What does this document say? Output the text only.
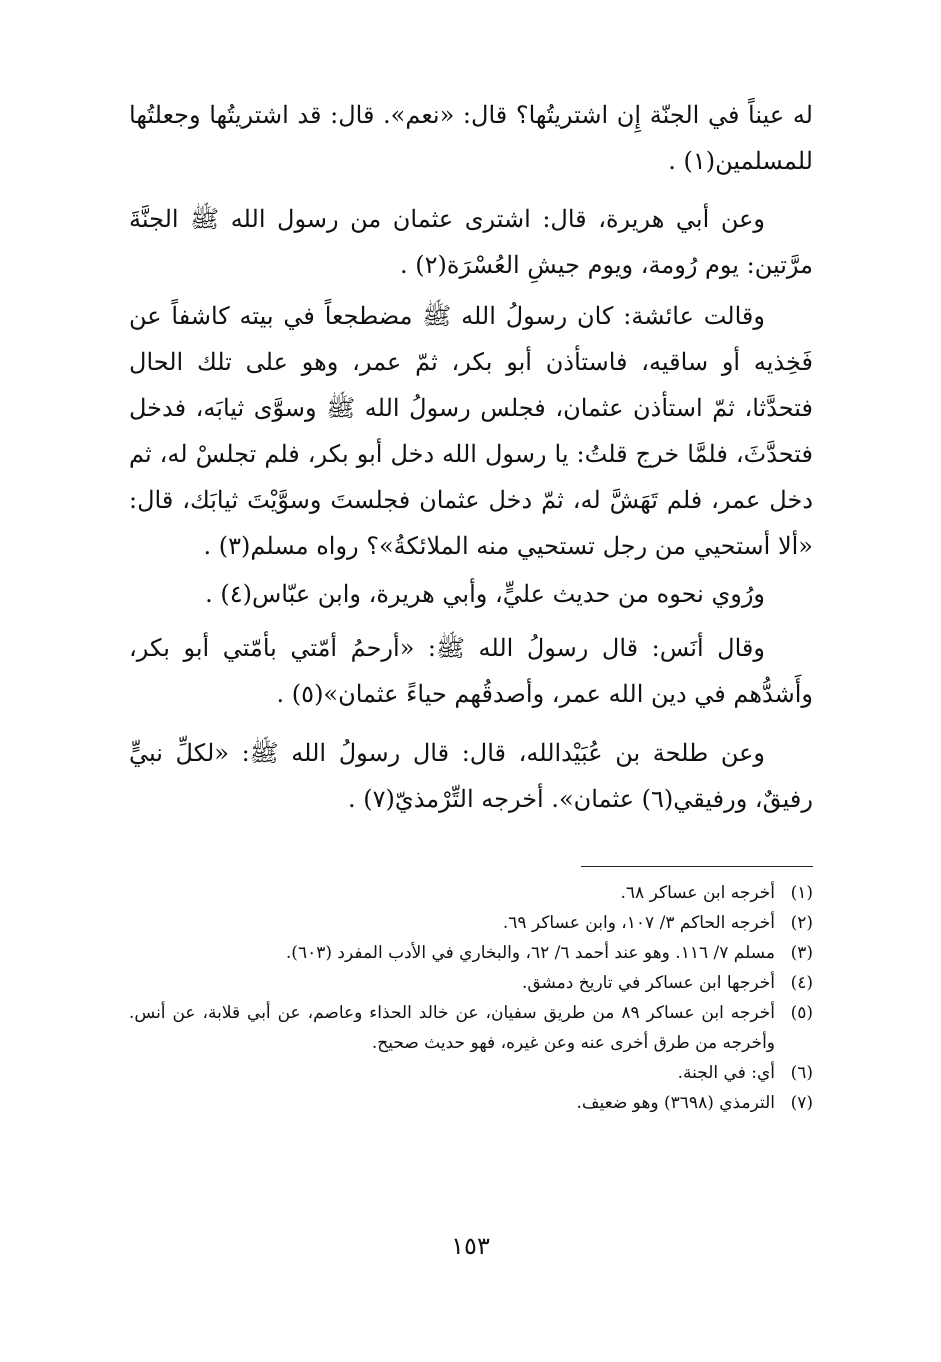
له عيناً في الجنّة إِن اشتريتُها؟ قال: «نعم». قال: قد اشتريتُها وجعلتُها للمسلمين(١) .

وعن أبي هريرة، قال: اشترى عثمان من رسول الله ﷺ الجنَّةَ مرَّتين: يوم رُومة، ويوم جيشِ العُسْرَة(٢) .

وقالت عائشة: كان رسولُ الله ﷺ مضطجعاً في بيته كاشفاً عن فَخِذيه أو ساقيه، فاستأذن أبو بكر، ثمّ عمر، وهو على تلك الحال فتحدَّثا، ثمّ استأذن عثمان، فجلس رسولُ الله ﷺ وسوَّى ثيابَه، فدخل فتحدَّثَ، فلمَّا خرج قلتُ: يا رسول الله دخل أبو بكر، فلم تجلسْ له، ثم دخل عمر، فلم تَهَشَّ له، ثمّ دخل عثمان فجلستَ وسوَّيْتَ ثيابَك، قال: «ألا أستحيي من رجل تستحيي منه الملائكةُ»؟ رواه مسلم(٣) .

ورُوي نحوه من حديث عليٍّ، وأبي هريرة، وابن عبّاس(٤) .

وقال أنَس: قال رسولُ الله ﷺ: «أرحمُ أمّتي بأمّتي أبو بكر، وأَشدُّهم في دين الله عمر، وأصدقُهم حياءً عثمان»(٥) .

وعن طلحة بن عُبَيْدالله، قال: قال رسولُ الله ﷺ: «لكلِّ نبيٍّ رفيقٌ، ورفيقي(٦) عثمان». أخرجه التِّرْمذيّ(٧) .

(١)
أخرجه ابن عساكر ٦٨.
(٢)
أخرجه الحاكم ٣/ ١٠٧، وابن عساكر ٦٩.
(٣)
مسلم ٧/ ١١٦. وهو عند أحمد ٦/ ٦٢، والبخاري في الأدب المفرد (٦٠٣).
(٤)
أخرجها ابن عساكر في تاريخ دمشق.
(٥)
أخرجه ابن عساكر ٨٩ من طريق سفيان، عن خالد الحذاء وعاصم، عن أبي قلابة، عن أنس. وأخرجه من طرق أخرى عنه وعن غيره، فهو حديث صحيح.
(٦)
أي: في الجنة.
(٧)
الترمذي (٣٦٩٨) وهو ضعيف.
١٥٣
